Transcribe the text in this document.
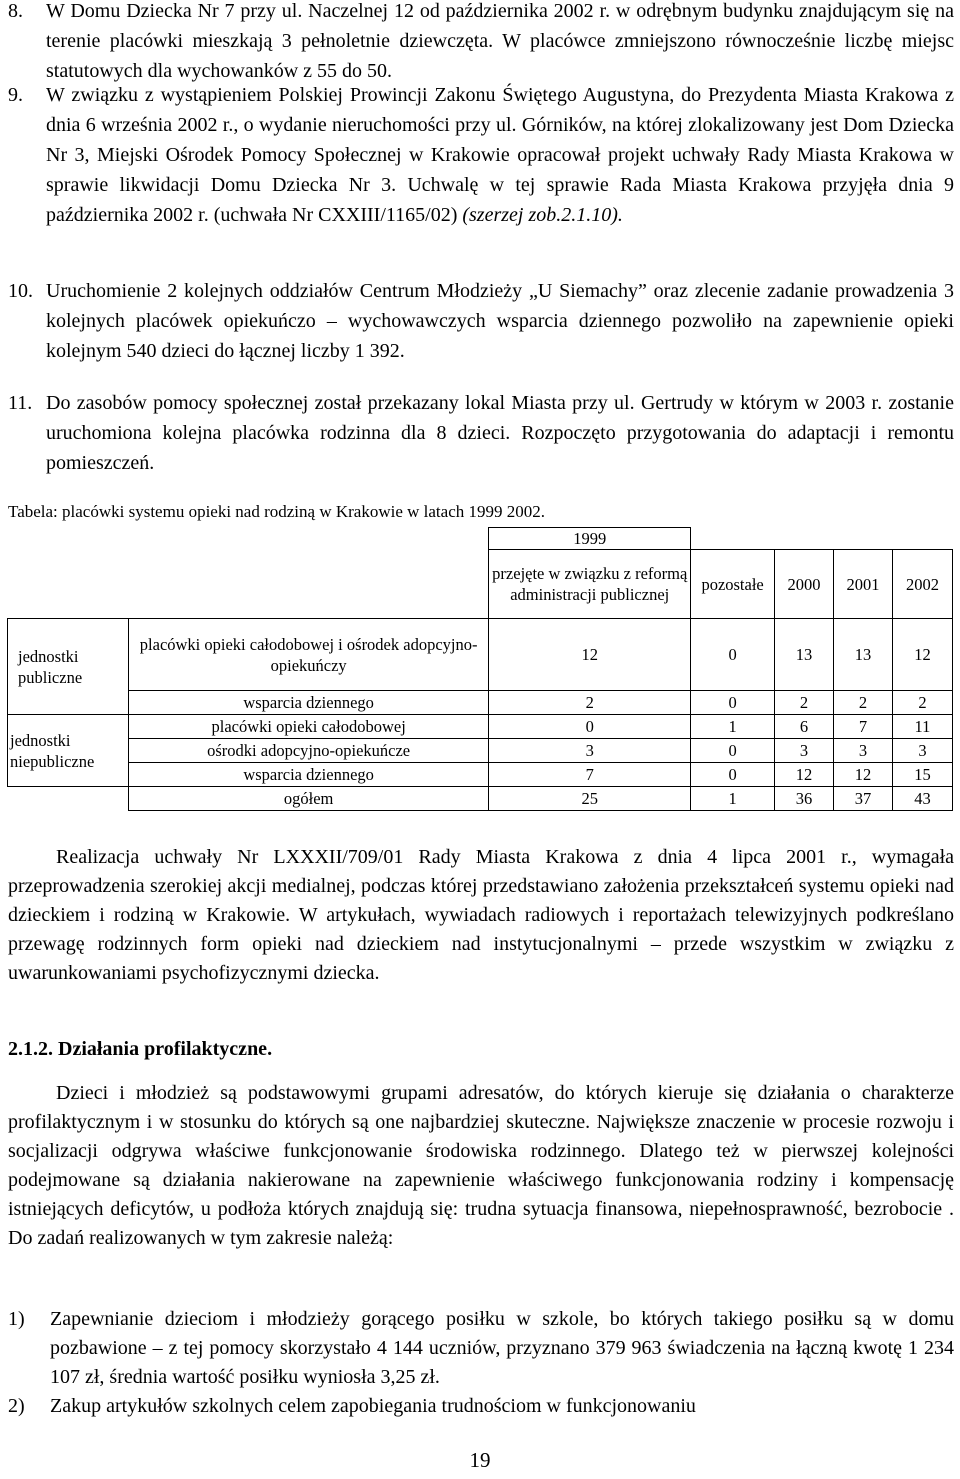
8. W Domu Dziecka Nr 7 przy ul. Naczelnej 12 od października 2002 r. w odrębnym budynku znajdującym się na terenie placówki mieszkają 3 pełnoletnie dziewczęta. W placówce zmniejszono równocześnie liczbę miejsc statutowych dla wychowanków z 55 do 50.
9. W związku z wystąpieniem Polskiej Prowincji Zakonu Świętego Augustyna, do Prezydenta Miasta Krakowa z dnia 6 września 2002 r., o wydanie nieruchomości przy ul. Górników, na której zlokalizowany jest Dom Dziecka Nr 3, Miejski Ośrodek Pomocy Społecznej w Krakowie opracował projekt uchwały Rady Miasta Krakowa w sprawie likwidacji Domu Dziecka Nr 3. Uchwalę w tej sprawie Rada Miasta Krakowa przyjęła dnia 9 października 2002 r. (uchwała Nr CXXIII/1165/02) (szerzej zob.2.1.10).
10. Uruchomienie 2 kolejnych oddziałów Centrum Młodzieży „U Siemachy” oraz zlecenie zadanie prowadzenia 3 kolejnych placówek opiekuńczo – wychowawczych wsparcia dziennego pozwoliło na zapewnienie opieki kolejnym 540 dzieci do łącznej liczby 1 392.
11. Do zasobów pomocy społecznej został przekazany lokal Miasta przy ul. Gertrudy w którym w 2003 r. zostanie uruchomiona kolejna placówka rodzinna dla 8 dzieci. Rozpoczęto przygotowania do adaptacji i remontu pomieszczeń.
Tabela: placówki systemu opieki nad rodziną w Krakowie w latach 1999 2002.
		1999				
		przejęte w związku z reformą administracji publicznej	pozostałe	2000	2001	2002
jednostki publiczne	placówki opieki całodobowej i ośrodek adopcyjno-opiekuńczy	12	0	13	13	12
	wsparcia dziennego	2	0	2	2	2
jednostki niepubliczne	placówki opieki całodobowej	0	1	6	7	11
	ośrodki adopcyjno-opiekuńcze	3	0	3	3	3
	wsparcia dziennego	7	0	12	12	15
	ogółem	25	1	36	37	43
Realizacja uchwały Nr LXXXII/709/01 Rady Miasta Krakowa z dnia 4 lipca 2001 r., wymagała przeprowadzenia szerokiej akcji medialnej, podczas której przedstawiano założenia przekształceń systemu opieki nad dzieckiem i rodziną w Krakowie. W artykułach, wywiadach radiowych i reportażach telewizyjnych podkreślano przewagę rodzinnych form opieki nad dzieckiem nad instytucjonalnymi – przede wszystkim w związku z uwarunkowaniami psychofizycznymi dziecka.
2.1.2. Działania profilaktyczne.
Dzieci i młodzież są podstawowymi grupami adresatów, do których kieruje się działania o charakterze profilaktycznym i w stosunku do których są one najbardziej skuteczne. Największe znaczenie w procesie rozwoju i socjalizacji odgrywa właściwe funkcjonowanie środowiska rodzinnego. Dlatego też w pierwszej kolejności podejmowane są działania nakierowane na zapewnienie właściwego funkcjonowania rodziny i kompensację istniejących deficytów, u podłoża których znajdują się: trudna sytuacja finansowa, niepełnosprawność, bezrobocie . Do zadań realizowanych w tym zakresie należą:
1) Zapewnianie dzieciom i młodzieży gorącego posiłku w szkole, bo których takiego posiłku są w domu pozbawione – z tej pomocy skorzystało 4 144 uczniów, przyznano 379 963 świadczenia na łączną kwotę 1 234 107 zł, średnia wartość posiłku wyniosła 3,25 zł.
2) Zakup artykułów szkolnych celem zapobiegania trudnościom w funkcjonowaniu
19
